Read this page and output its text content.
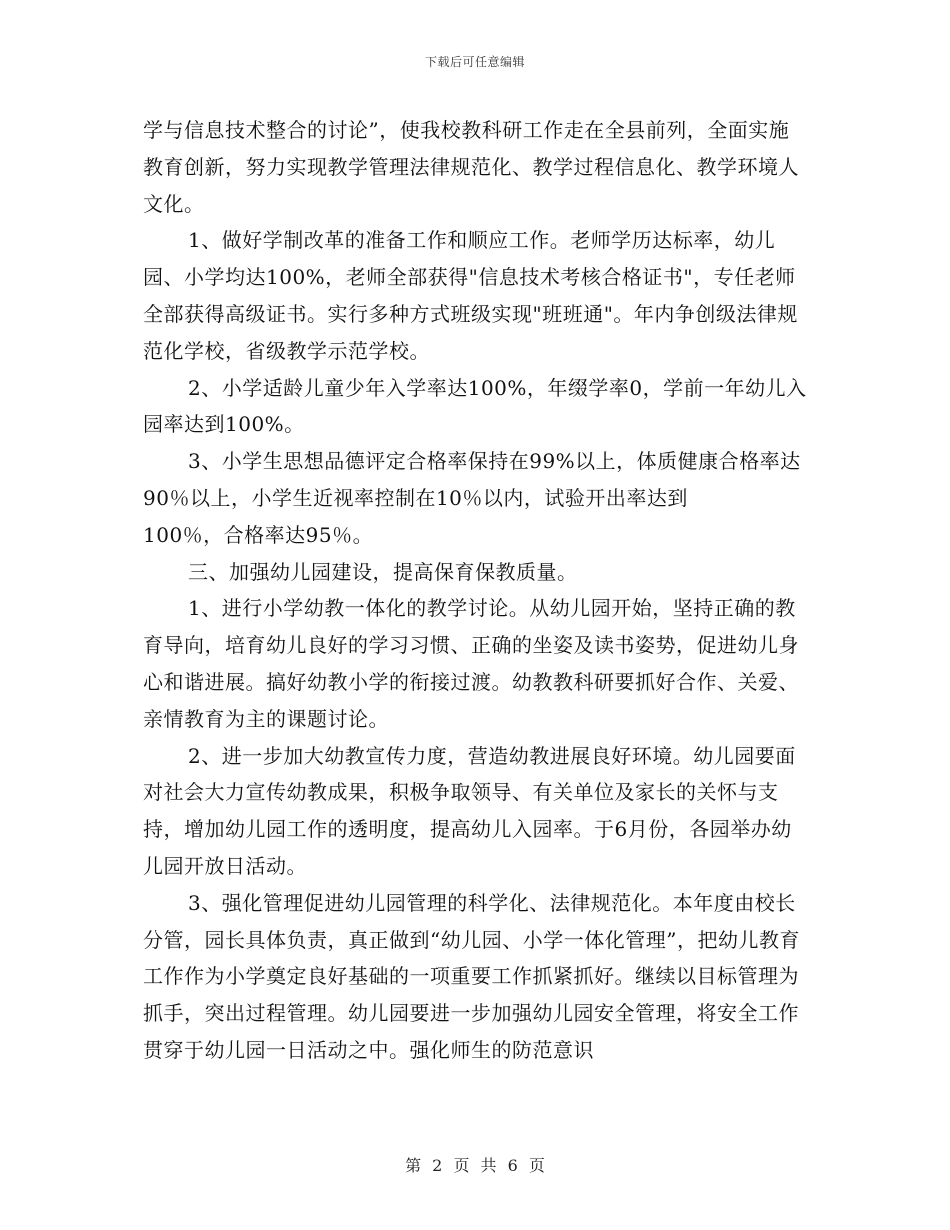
下载后可任意编辑

学与信息技术整合的讨论”，使我校教科研工作走在全县前列，全面实施教育创新，努力实现教学管理法律规范化、教学过程信息化、教学环境人文化。

1、做好学制改革的准备工作和顺应工作。老师学历达标率，幼儿园、小学均达100%，老师全部获得"信息技术考核合格证书"，专任老师全部获得高级证书。实行多种方式班级实现"班班通"。年内争创级法律规范化学校，省级教学示范学校。

2、小学适龄儿童少年入学率达100%，年缀学率0，学前一年幼儿入园率达到100%。

3、小学生思想品德评定合格率保持在99%以上，体质健康合格率达90％以上，小学生近视率控制在10％以内，试验开出率达到

100％，合格率达95％。

三、加强幼儿园建设，提高保育保教质量。

1、进行小学幼教一体化的教学讨论。从幼儿园开始，坚持正确的教育导向，培育幼儿良好的学习习惯、正确的坐姿及读书姿势，促进幼儿身心和谐进展。搞好幼教小学的衔接过渡。幼教教科研要抓好合作、关爱、亲情教育为主的课题讨论。

2、进一步加大幼教宣传力度，营造幼教进展良好环境。幼儿园要面对社会大力宣传幼教成果，积极争取领导、有关单位及家长的关怀与支持，增加幼儿园工作的透明度，提高幼儿入园率。于6月份，各园举办幼儿园开放日活动。

3、强化管理促进幼儿园管理的科学化、法律规范化。本年度由校长分管，园长具体负责，真正做到“幼儿园、小学一体化管理”，把幼儿教育工作作为小学奠定良好基础的一项重要工作抓紧抓好。继续以目标管理为抓手，突出过程管理。幼儿园要进一步加强幼儿园安全管理，将安全工作贯穿于幼儿园一日活动之中。强化师生的防范意识

第 2 页 共 6 页
